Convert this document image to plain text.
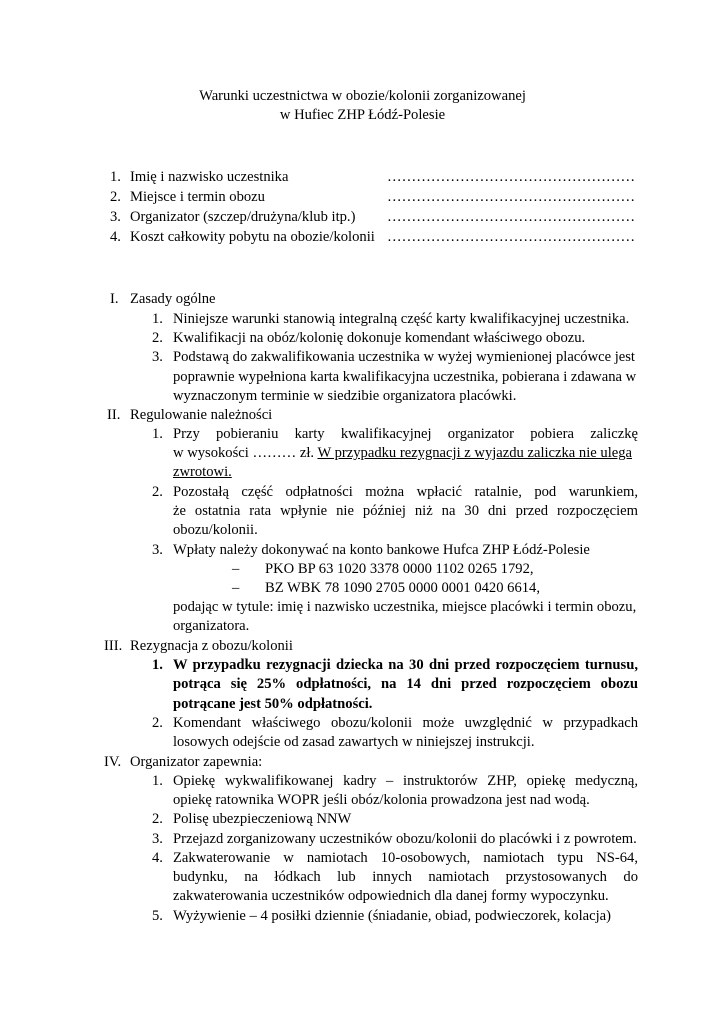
Warunki uczestnictwa w obozie/kolonii zorganizowanej
w Hufiec ZHP Łódź-Polesie
1. Imię i nazwisko uczestnika	……………………………………………
2. Miejsce i termin obozu	……………………………………………
3. Organizator (szczep/drużyna/klub itp.) ……………………………………………
4. Koszt całkowity pobytu na obozie/kolonii ……………………………………………
I. Zasady ogólne
1. Niniejsze warunki stanowią integralną część karty kwalifikacyjnej uczestnika.
2. Kwalifikacji na obóz/kolonię dokonuje komendant właściwego obozu.
3. Podstawą do zakwalifikowania uczestnika w wyżej wymienionej placówce jest
poprawnie wypełniona karta kwalifikacyjna uczestnika, pobierana i zdawana w
wyznaczonym terminie w siedzibie organizatora placówki.
II. Regulowanie należności
1. Przy pobieraniu karty kwalifikacyjnej organizator pobiera zaliczkę
w wysokości ……… zł. W przypadku rezygnacji z wyjazdu zaliczka nie ulega
zwrotowi.
2. Pozostałą część odpłatności można wpłacić ratalnie, pod warunkiem,
że ostatnia rata wpłynie nie później niż na 30 dni przed rozpoczęciem
obozu/kolonii.
3. Wpłaty należy dokonywać na konto bankowe Hufca ZHP Łódź-Polesie
– PKO BP 63 1020 3378 0000 1102 0265 1792,
– BZ WBK 78 1090 2705 0000 0001 0420 6614,
podając w tytule: imię i nazwisko uczestnika, miejsce placówki i termin obozu,
organizatora.
III. Rezygnacja z obozu/kolonii
1. W przypadku rezygnacji dziecka na 30 dni przed rozpoczęciem turnusu,
potrąca się 25% odpłatności, na 14 dni przed rozpoczęciem obozu
potrącane jest 50% odpłatności.
2. Komendant właściwego obozu/kolonii może uwzględnić w przypadkach
losowych odejście od zasad zawartych w niniejszej instrukcji.
IV. Organizator zapewnia:
1. Opiekę wykwalifikowanej kadry – instruktorów ZHP, opiekę medyczną,
opiekę ratownika WOPR jeśli obóz/kolonia prowadzona jest nad wodą.
2. Polisę ubezpieczeniową NNW
3. Przejazd zorganizowany uczestników obozu/kolonii do placówki i z powrotem.
4. Zakwaterowanie w namiotach 10-osobowych, namiotach typu NS-64,
budynku, na łódkach lub innych namiotach przystosowanych do
zakwaterowania uczestników odpowiednich dla danej formy wypoczynku.
5. Wyżywienie – 4 posiłki dziennie (śniadanie, obiad, podwieczorek, kolacja)
